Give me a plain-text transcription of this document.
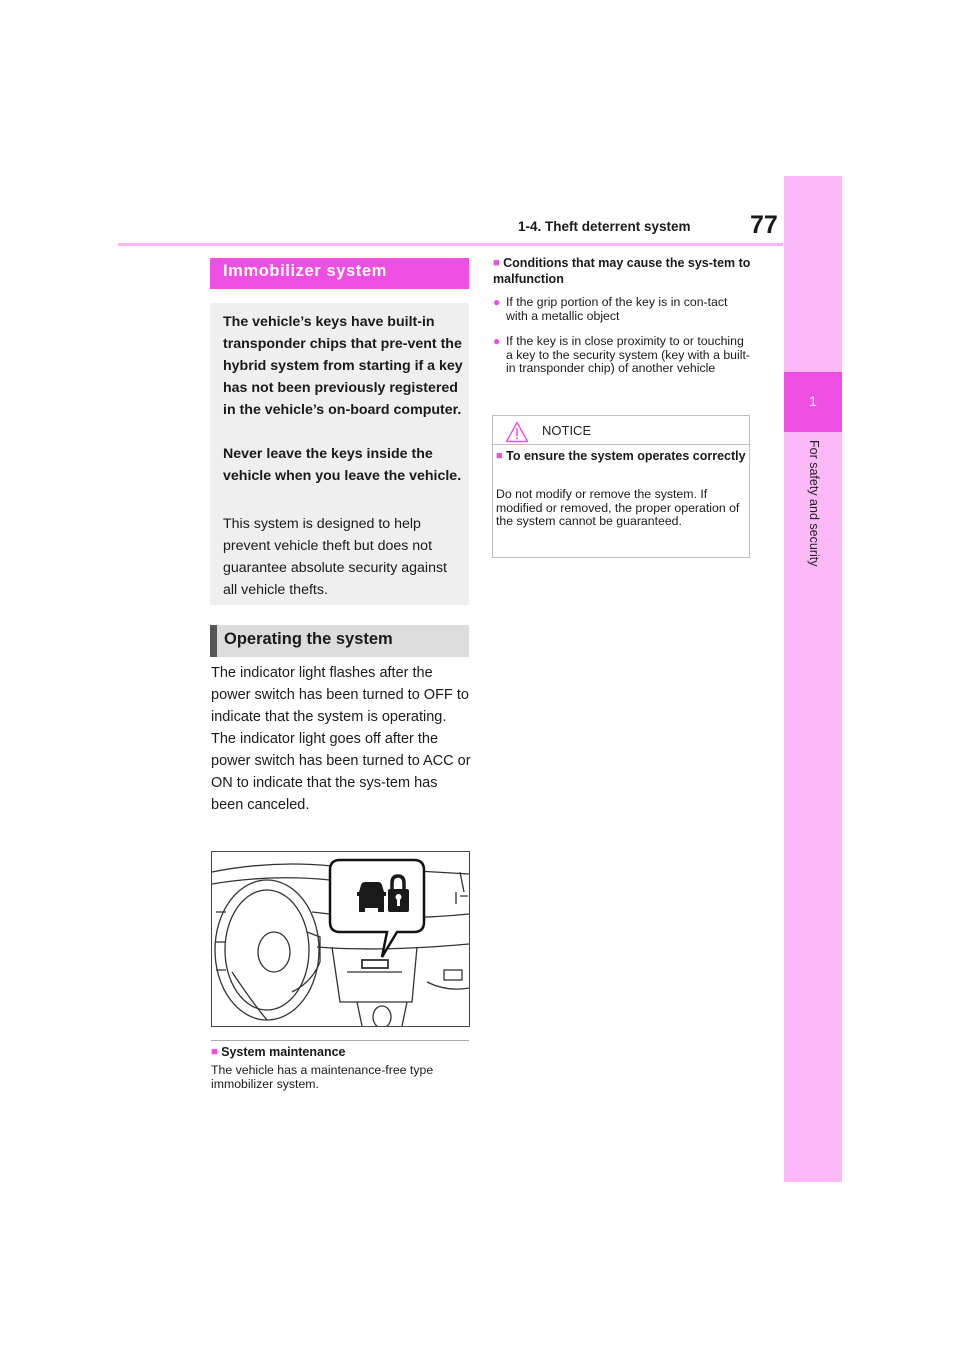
1-4. Theft deterrent system 77
1
For safety and security
Immobilizer system
The vehicle’s keys have built-in transponder chips that pre-vent the hybrid system from starting if a key has not been previously registered in the vehicle’s on-board computer.
Never leave the keys inside the vehicle when you leave the vehicle.
This system is designed to help prevent vehicle theft but does not guarantee absolute security against all vehicle thefts.
Operating the system
The indicator light flashes after the power switch has been turned to OFF to indicate that the system is operating.
The indicator light goes off after the power switch has been turned to ACC or ON to indicate that the sys-tem has been canceled.
■ System maintenance
The vehicle has a maintenance-free type immobilizer system.
■ Conditions that may cause the sys-tem to malfunction
● If the grip portion of the key is in con-tact with a metallic object
● If the key is in close proximity to or touching a key to the security system (key with a built-in transponder chip) of another vehicle
NOTICE
■ To ensure the system operates correctly
Do not modify or remove the system. If modified or removed, the proper operation of the system cannot be guaranteed.
